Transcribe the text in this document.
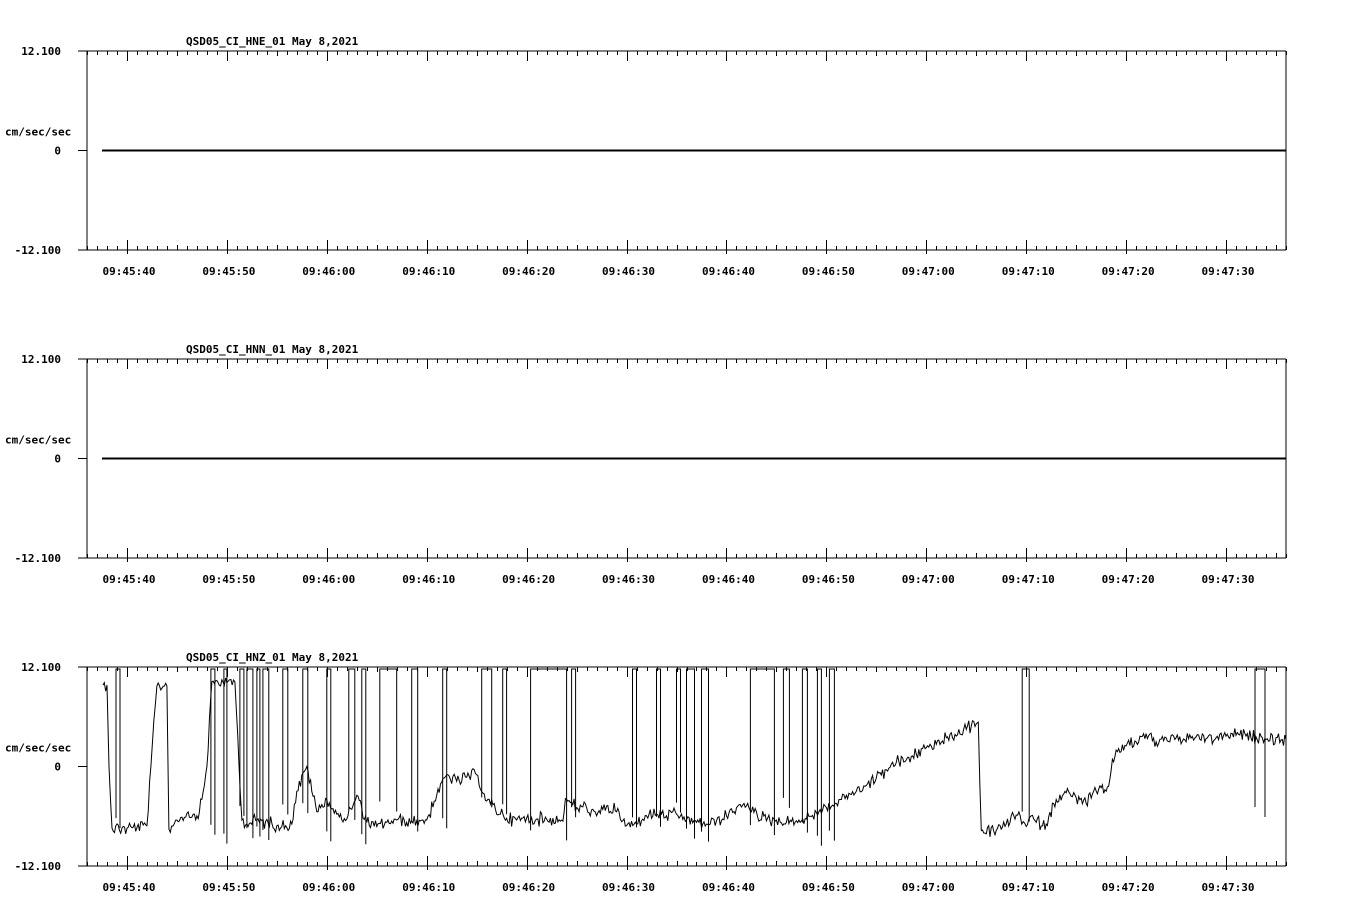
QSD05_CI_HNE_01 May 8,2021
cm/sec/sec
12.100
0
-12.100
09:45:40	09:45:50	09:46:00	09:46:10	09:46:20	09:46:30	09:46:40	09:46:50	09:47:00	09:47:10	09:47:20	09:47:30
QSD05_CI_HNN_01 May 8,2021
cm/sec/sec
12.100
0
-12.100
09:45:40	09:45:50	09:46:00	09:46:10	09:46:20	09:46:30	09:46:40	09:46:50	09:47:00	09:47:10	09:47:20	09:47:30
QSD05_CI_HNZ_01 May 8,2021
cm/sec/sec
12.100
0
-12.100
09:45:40	09:45:50	09:46:00	09:46:10	09:46:20	09:46:30	09:46:40	09:46:50	09:47:00	09:47:10	09:47:20	09:47:30
